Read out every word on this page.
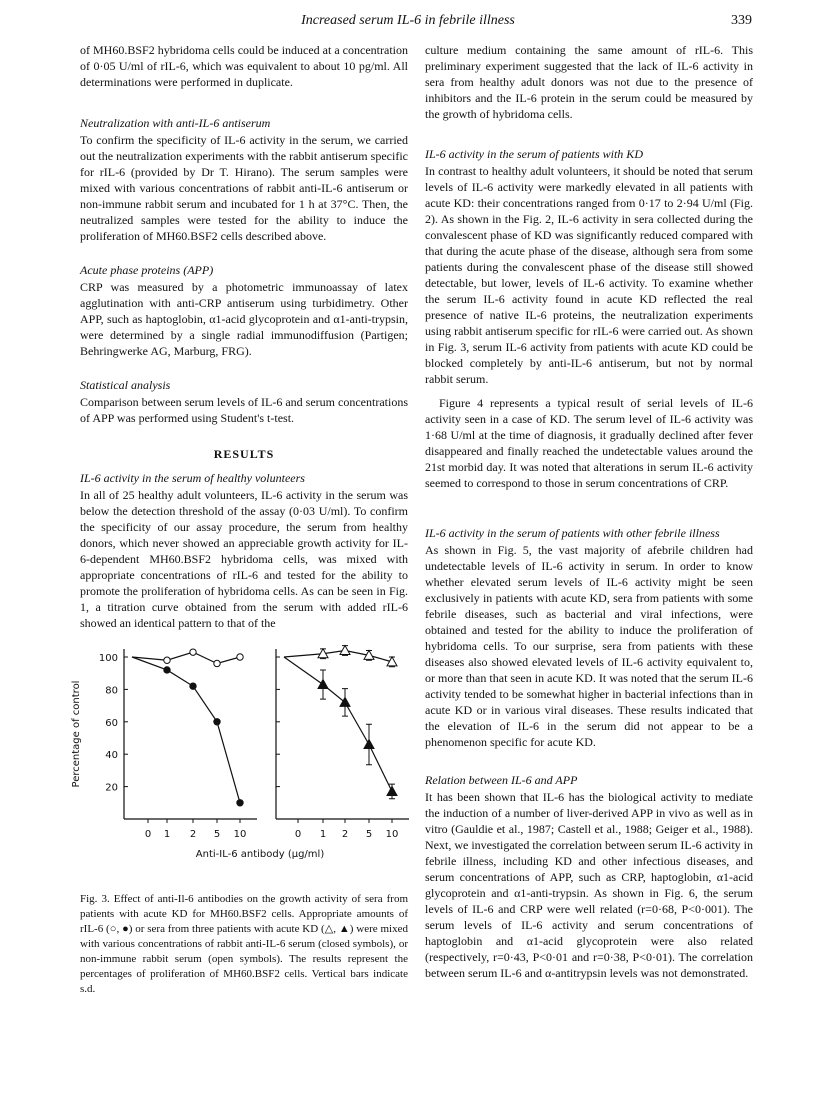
Increased serum IL-6 in febrile illness	339

of MH60.BSF2 hybridoma cells could be induced at a concentration of 0·05 U/ml of rIL-6, which was equivalent to about 10 pg/ml. All determinations were performed in duplicate.

Neutralization with anti-IL-6 antiserum

To confirm the specificity of IL-6 activity in the serum, we carried out the neutralization experiments with the rabbit antiserum specific for rIL-6 (provided by Dr T. Hirano). The serum samples were mixed with various concentrations of rabbit anti-IL-6 antiserum or non-immune rabbit serum and incubated for 1 h at 37°C. Then, the neutralized samples were tested for the ability to induce the proliferation of MH60.BSF2 cells described above.

Acute phase proteins (APP)

CRP was measured by a photometric immunoassay of latex agglutination with anti-CRP antiserum using turbidimetry. Other APP, such as haptoglobin, α1-acid glycoprotein and α1-anti-trypsin, were determined by a single radial immunodiffusion (Partigen; Behringwerke AG, Marburg, FRG).

Statistical analysis

Comparison between serum levels of IL-6 and serum concentrations of APP was performed using Student's t-test.

RESULTS

IL-6 activity in the serum of healthy volunteers

In all of 25 healthy adult volunteers, IL-6 activity in the serum was below the detection threshold of the assay (0·03 U/ml). To confirm the specificity of our assay procedure, the serum from healthy donors, which never showed an appreciable growth activity for IL-6-dependent MH60.BSF2 hybridoma cells, was mixed with appropriate concentrations of rIL-6 and tested for the ability to promote the proliferation of hybridoma cells. As can be seen in Fig. 1, a titration curve obtained from the serum with added rIL-6 showed an identical pattern to that of the

Percentage of control
100
80
60
40
20
0 1 2 5 10	0 1 2 5 10
Anti-IL-6 antibody (μg/ml)

Fig. 3. Effect of anti-Il-6 antibodies on the growth activity of sera from patients with acute KD for MH60.BSF2 cells. Appropriate amounts of rIL-6 (○, ●) or sera from three patients with acute KD (△, ▲) were mixed with various concentrations of rabbit anti-IL-6 serum (closed symbols), or non-immune rabbit serum (open symbols). The results represent the percentages of proliferation of MH60.BSF2 cells. Vertical bars indicate s.d.

culture medium containing the same amount of rIL-6. This preliminary experiment suggested that the lack of IL-6 activity in sera from healthy adult donors was not due to the presence of inhibitors and the IL-6 protein in the serum could be measured by the growth of hybridoma cells.

IL-6 activity in the serum of patients with KD

In contrast to healthy adult volunteers, it should be noted that serum levels of IL-6 activity were markedly elevated in all patients with acute KD: their concentrations ranged from 0·17 to 2·94 U/ml (Fig. 2). As shown in the Fig. 2, IL-6 activity in sera collected during the convalescent phase of KD was significantly reduced compared with that during the acute phase of the disease, although sera from some patients during the convalescent phase of the disease still showed detectable, but lower, levels of IL-6 activity. To examine whether the serum IL-6 activity found in acute KD reflected the real presence of native IL-6 proteins, the neutralization experiments using rabbit antiserum specific for rIL-6 were carried out. As shown in Fig. 3, serum IL-6 activity from patients with acute KD could be blocked completely by anti-IL-6 antiserum, but not by normal rabbit serum.

Figure 4 represents a typical result of serial levels of IL-6 activity seen in a case of KD. The serum level of IL-6 activity was 1·68 U/ml at the time of diagnosis, it gradually declined after fever disappeared and finally reached the undetectable values around the 21st morbid day. It was noted that alterations in serum IL-6 activity seemed to correspond to those in serum concentrations of CRP.

IL-6 activity in the serum of patients with other febrile illness

As shown in Fig. 5, the vast majority of afebrile children had undetectable levels of IL-6 activity in serum. In order to know whether elevated serum levels of IL-6 activity might be seen exclusively in patients with acute KD, sera from patients with some febrile diseases, such as bacterial and viral infections, were obtained and tested for the ability to induce the proliferation of hybridoma cells. To our surprise, sera from patients with these diseases also showed elevated levels of IL-6 activity equivalent to, or more than that seen in acute KD. It was noted that the serum IL-6 activity tended to be somewhat higher in bacterial infections than in acute KD or in various viral diseases. These results indicated that the elevation of IL-6 in the serum did not appear to be a phenomenon specific for acute KD.

Relation between IL-6 and APP

It has been shown that IL-6 has the biological activity to mediate the induction of a number of liver-derived APP in vivo as well as in vitro (Gauldie et al., 1987; Castell et al., 1988; Geiger et al., 1988). Next, we investigated the correlation between serum IL-6 activity in febrile illness, including KD and other infectious diseases, and serum concentrations of APP, such as CRP, haptoglobin, α1-acid glycoprotein and α1-anti-trypsin. As shown in Fig. 6, the serum levels of IL-6 and CRP were well related (r=0·68, P<0·001). The serum levels of IL-6 activity and serum concentrations of haptoglobin and α1-acid glycoprotein were also related (respectively, r=0·43, P<0·01 and r=0·38, P<0·01). The correlation between serum IL-6 and α-antitrypsin levels was not demonstrated.
